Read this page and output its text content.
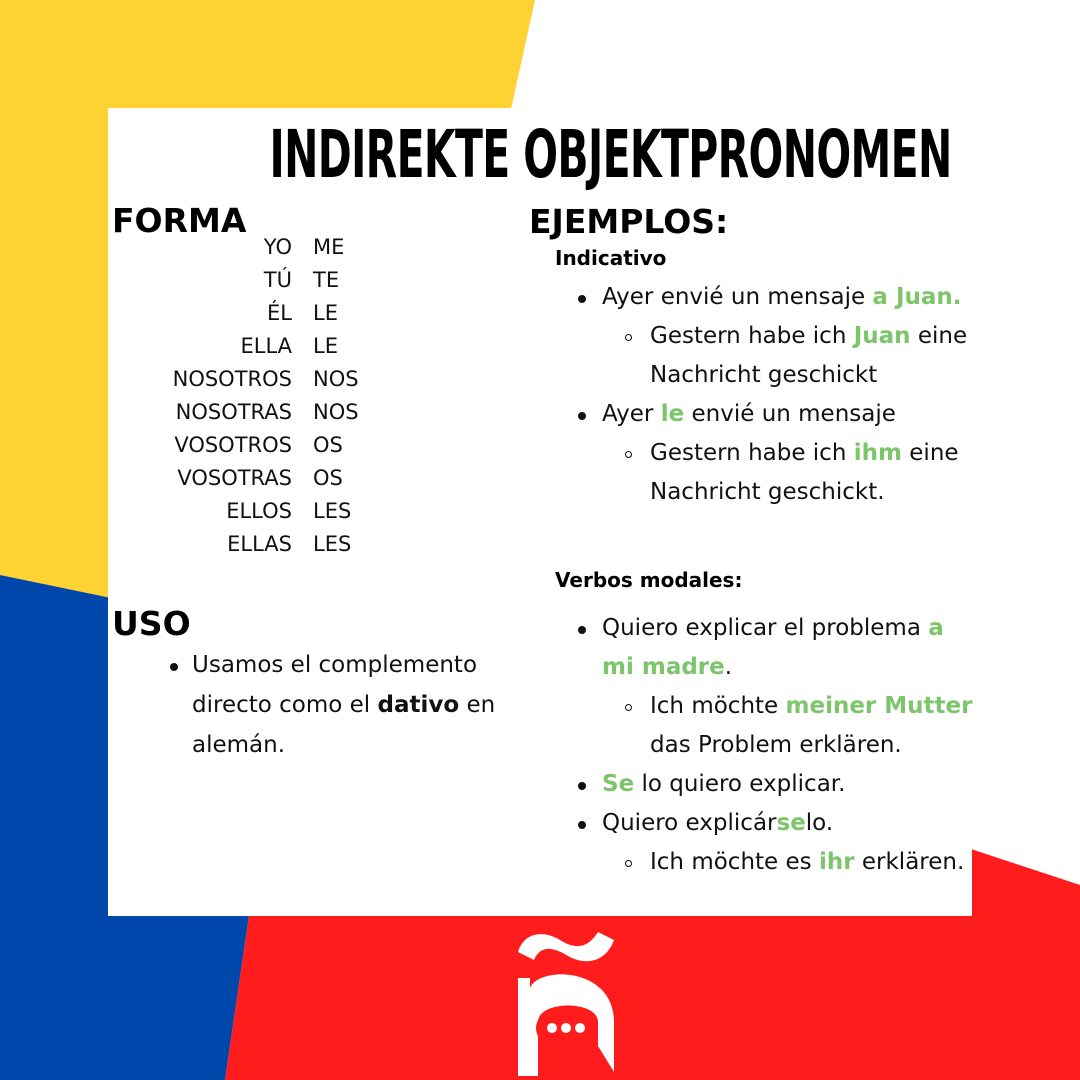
INDIREKTE OBJEKTPRONOMEN
FORMA
YO ME
TÚ TE
ÉL LE
ELLA LE
NOSOTROS NOS
NOSOTRAS NOS
VOSOTROS OS
VOSOTRAS OS
ELLOS LES
ELLAS LES
USO
Usamos el complemento
directo como el dativo en
alemán.
EJEMPLOS:
Indicativo
Ayer envié un mensaje a Juan.
Gestern habe ich Juan eine
Nachricht geschickt
Ayer le envié un mensaje
Gestern habe ich ihm eine
Nachricht geschickt.
Verbos modales:
Quiero explicar el problema a
mi madre.
Ich möchte meiner Mutter
das Problem erklären.
Se lo quiero explicar.
Quiero explicárselo.
Ich möchte es ihr erklären.
